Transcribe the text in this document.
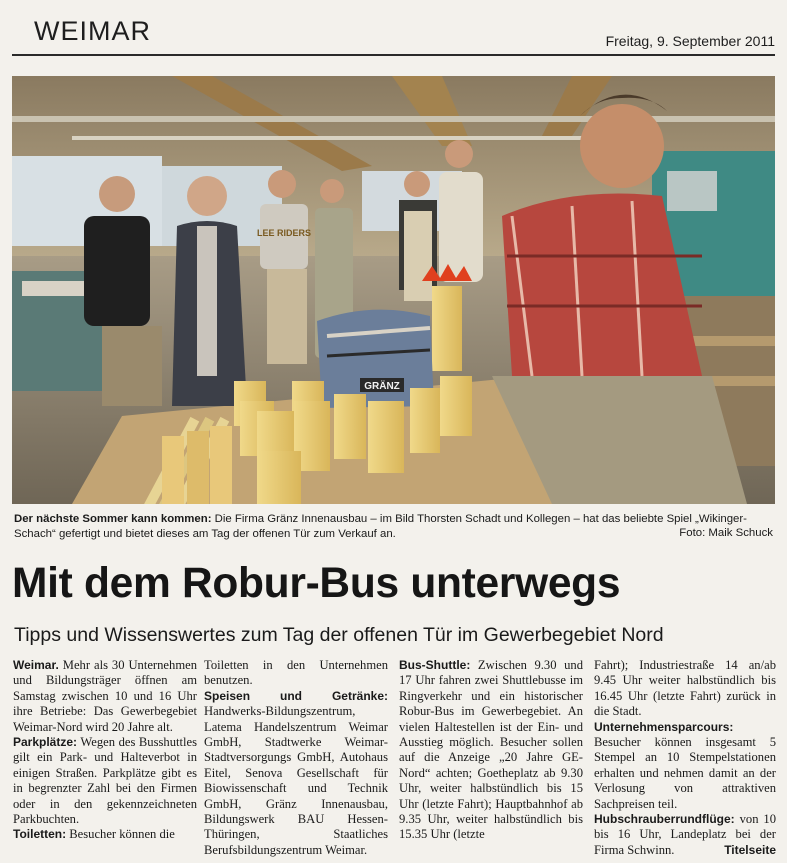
WEIMAR	Freitag, 9. September 2011
LEE RIDERS
GRÄNZ
Der nächste Sommer kann kommen: Die Firma Gränz Innenausbau – im Bild Thorsten Schadt und Kollegen – hat das beliebte Spiel „Wikinger-Schach“ gefertigt und bietet dieses am Tag der offenen Tür zum Verkauf an.	Foto: Maik Schuck
Mit dem Robur-Bus unterwegs
Tipps und Wissenswertes zum Tag der offenen Tür im Gewerbegebiet Nord

Weimar. Mehr als 30 Unternehmen und Bildungsträger öffnen am Samstag zwischen 10 und 16 Uhr ihre Betriebe: Das Gewerbegebiet Weimar-Nord wird 20 Jahre alt.

Parkplätze: Wegen des Busshuttles gilt ein Park- und Halteverbot in einigen Straßen. Parkplätze gibt es in begrenzter Zahl bei den Firmen oder in den gekennzeichneten Parkbuchten.

Toiletten: Besucher können die

Toiletten in den Unternehmen benutzen.

Speisen und Getränke: Handwerks-Bildungszentrum, Latema Handelszentrum Weimar GmbH, Stadtwerke Weimar-Stadtversorgungs GmbH, Autohaus Eitel, Senova Gesellschaft für Biowissenschaft und Technik GmbH, Gränz Innenausbau, Bildungswerk BAU Hessen-Thüringen, Staatliches Berufsbildungszentrum Weimar.

Bus-Shuttle: Zwischen 9.30 und 17 Uhr fahren zwei Shuttlebusse im Ringverkehr und ein historischer Robur-Bus im Gewerbegebiet. An vielen Haltestellen ist der Ein- und Ausstieg möglich. Besucher sollen auf die Anzeige „20 Jahre GE-Nord“ achten; Goetheplatz ab 9.30 Uhr, weiter halbstündlich bis 15 Uhr (letzte Fahrt); Hauptbahnhof ab 9.35 Uhr, weiter halbstündlich bis 15.35 Uhr (letzte

Fahrt); Industriestraße 14 an/ab 9.45 Uhr weiter halbstündlich bis 16.45 Uhr (letzte Fahrt) zurück in die Stadt.

Unternehmensparcours: Besucher können insgesamt 5 Stempel an 10 Stempelstationen erhalten und nehmen damit an der Verlosung von attraktiven Sachpreisen teil.

Hubschrauberrundflüge: von 10 bis 16 Uhr, Landeplatz bei der Firma Schwinn.	Titelseite
